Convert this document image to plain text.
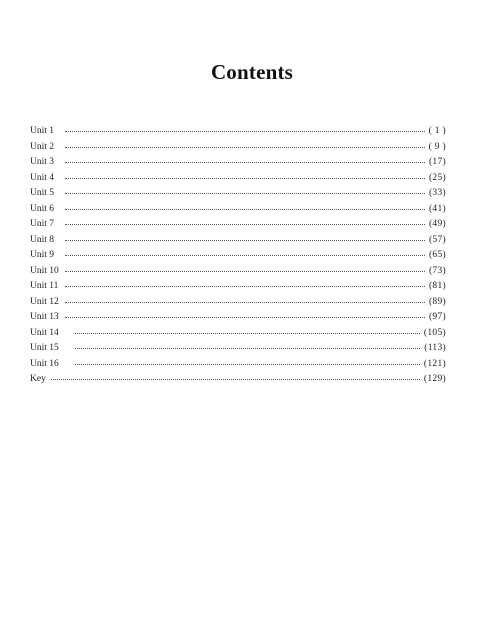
Contents
Unit 1	( 1 )
Unit 2	( 9 )
Unit 3	(17)
Unit 4	(25)
Unit 5	(33)
Unit 6	(41)
Unit 7	(49)
Unit 8	(57)
Unit 9	(65)
Unit 10	(73)
Unit 11	(81)
Unit 12	(89)
Unit 13	(97)
Unit 14	(105)
Unit 15	(113)
Unit 16	(121)
Key	(129)
